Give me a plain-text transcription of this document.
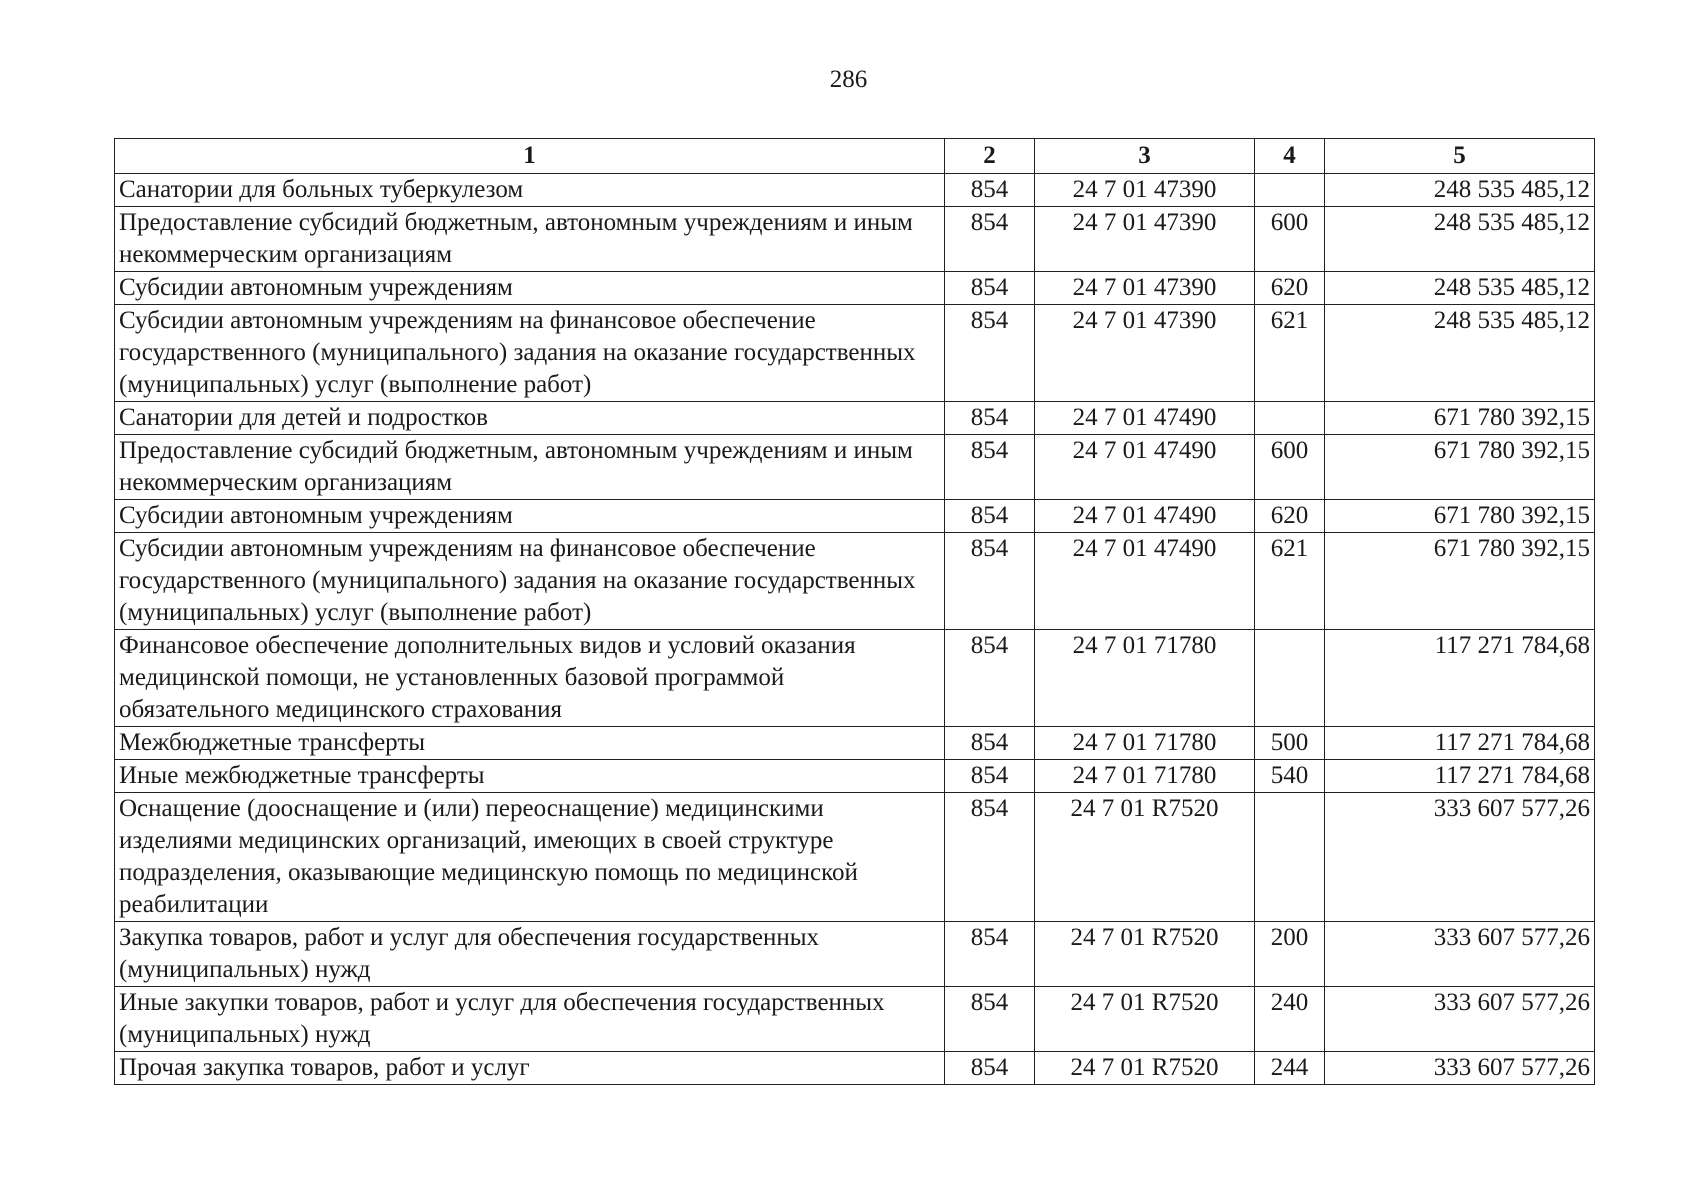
286
1	2	3	4	5
Санатории для больных туберкулезом	854	24 7 01 47390		248 535 485,12
Предоставление субсидий бюджетным, автономным учреждениям и иным некоммерческим организациям	854	24 7 01 47390	600	248 535 485,12
Субсидии автономным учреждениям	854	24 7 01 47390	620	248 535 485,12
Субсидии автономным учреждениям на финансовое обеспечение государственного (муниципального) задания на оказание государственных (муниципальных) услуг (выполнение работ)	854	24 7 01 47390	621	248 535 485,12
Санатории для детей и подростков	854	24 7 01 47490		671 780 392,15
Предоставление субсидий бюджетным, автономным учреждениям и иным некоммерческим организациям	854	24 7 01 47490	600	671 780 392,15
Субсидии автономным учреждениям	854	24 7 01 47490	620	671 780 392,15
Субсидии автономным учреждениям на финансовое обеспечение государственного (муниципального) задания на оказание государственных (муниципальных) услуг (выполнение работ)	854	24 7 01 47490	621	671 780 392,15
Финансовое обеспечение дополнительных видов и условий оказания медицинской помощи, не установленных базовой программой обязательного медицинского страхования	854	24 7 01 71780		117 271 784,68
Межбюджетные трансферты	854	24 7 01 71780	500	117 271 784,68
Иные межбюджетные трансферты	854	24 7 01 71780	540	117 271 784,68
Оснащение (дооснащение и (или) переоснащение) медицинскими изделиями медицинских организаций, имеющих в своей структуре подразделения, оказывающие медицинскую помощь по медицинской реабилитации	854	24 7 01 R7520		333 607 577,26
Закупка товаров, работ и услуг для обеспечения государственных (муниципальных) нужд	854	24 7 01 R7520	200	333 607 577,26
Иные закупки товаров, работ и услуг для обеспечения государственных (муниципальных) нужд	854	24 7 01 R7520	240	333 607 577,26
Прочая закупка товаров, работ и услуг	854	24 7 01 R7520	244	333 607 577,26
